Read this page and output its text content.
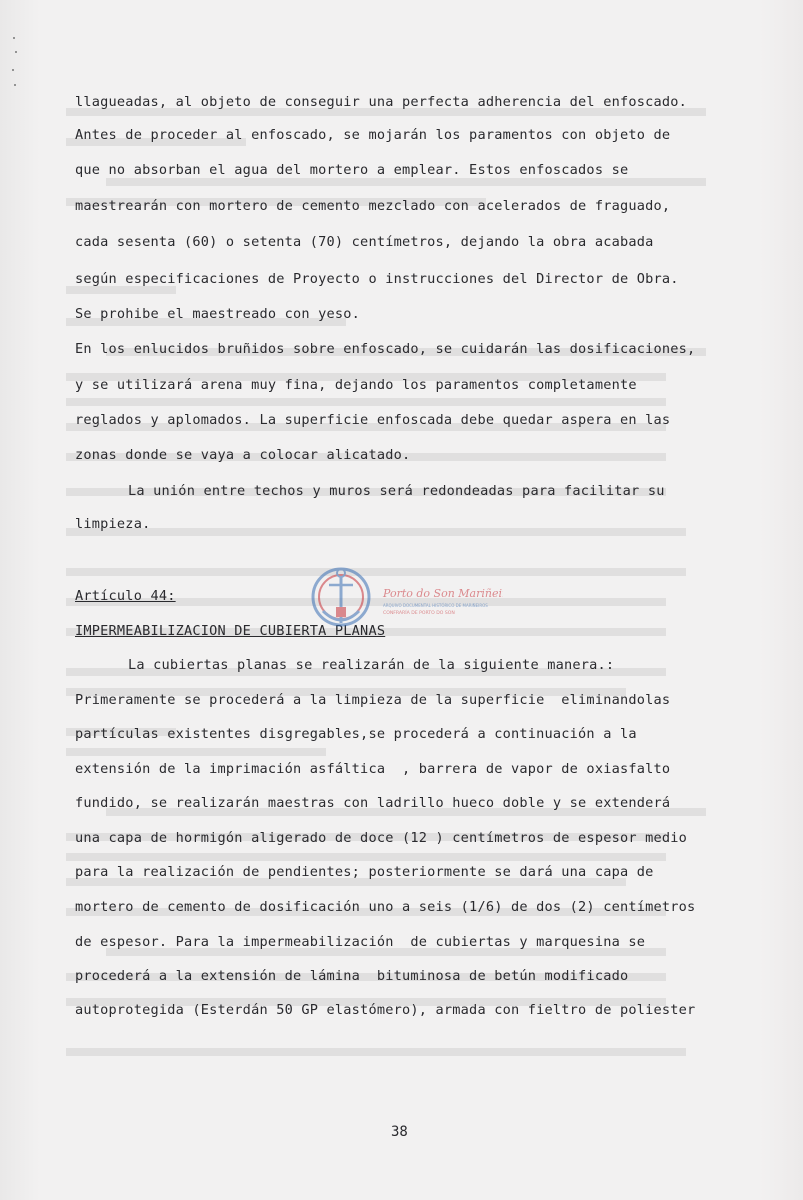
llagueadas, al objeto de conseguir una perfecta adherencia del enfoscado.
Antes de proceder al enfoscado, se mojarán los paramentos con objeto de
que no absorban el agua del mortero a emplear. Estos enfoscados se
maestrearán con mortero de cemento mezclado con acelerados de fraguado,
cada sesenta (60) o setenta (70) centímetros, dejando la obra acabada
según especificaciones de Proyecto o instrucciones del Director de Obra.
Se prohibe el maestreado con yeso.
En los enlucidos bruñidos sobre enfoscado, se cuidarán las dosificaciones,
y se utilizará arena muy fina, dejando los paramentos completamente
reglados y aplomados. La superficie enfoscada debe quedar aspera en las
zonas donde se vaya a colocar alicatado.
La unión entre techos y muros será redondeadas para facilitar su
limpieza.
Artículo 44:
IMPERMEABILIZACION DE CUBIERTA PLANAS
La cubiertas planas se realizarán de la siguiente manera.:
Primeramente se procederá a la limpieza de la superficie  eliminandolas
partículas existentes disgregables,se procederá a continuación a la
extensión de la imprimación asfáltica  , barrera de vapor de oxiasfalto
fundido, se realizarán maestras con ladrillo hueco doble y se extenderá
una capa de hormigón aligerado de doce (12 ) centímetros de espesor medio
para la realización de pendientes; posteriormente se dará una capa de
mortero de cemento de dosificación uno a seis (1/6) de dos (2) centímetros
de espesor. Para la impermeabilización  de cubiertas y marquesina se
procederá a la extensión de lámina  bituminosa de betún modificado
autoprotegida (Esterdán 50 GP elastómero), armada con fieltro de poliester
Porto do Son Mariñeiro
ARQUIVO DOCUMENTAL HISTÓRICO DE MARIÑEIROS
CONFRARÍA DE PORTO DO SON
38
